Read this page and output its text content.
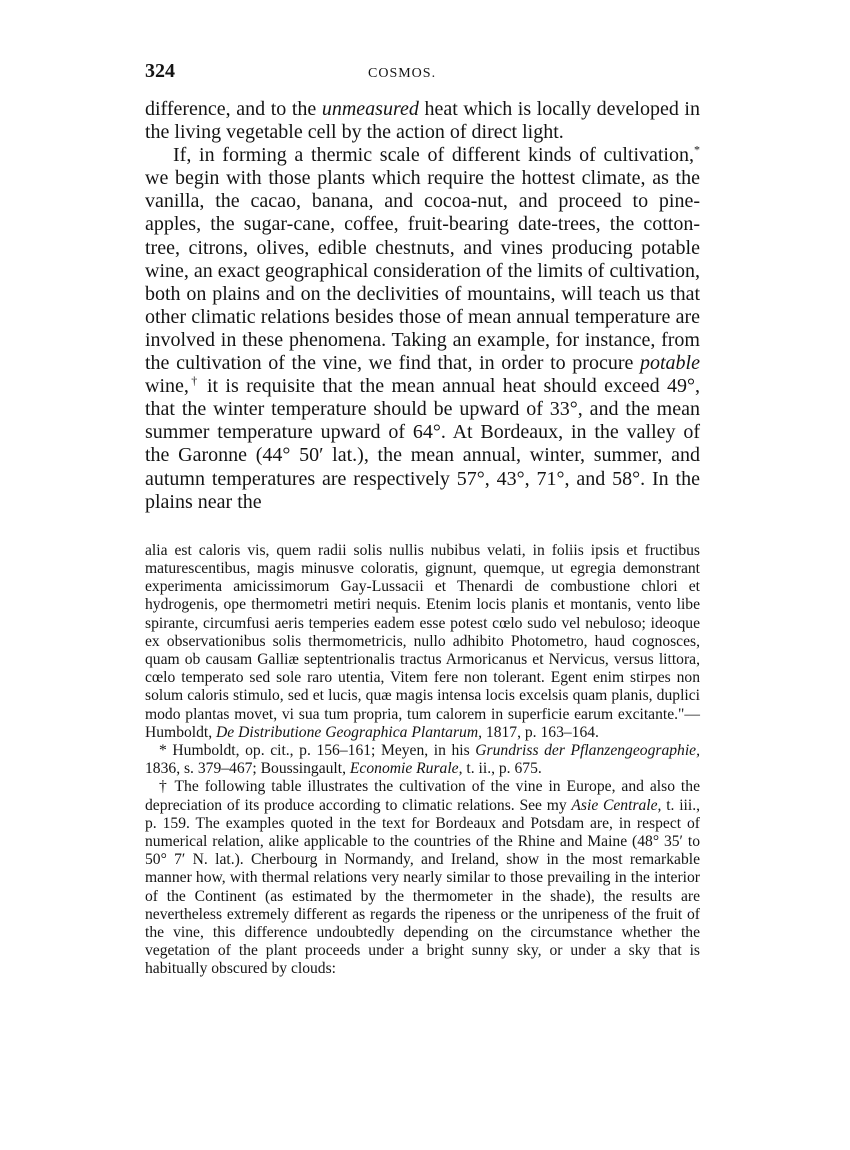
324	COSMOS.

difference, and to the unmeasured heat which is locally developed in the living vegetable cell by the action of direct light.

If, in forming a thermic scale of different kinds of cultivation,* we begin with those plants which require the hottest climate, as the vanilla, the cacao, banana, and cocoa-nut, and proceed to pine-apples, the sugar-cane, coffee, fruit-bearing date-trees, the cotton-tree, citrons, olives, edible chestnuts, and vines producing potable wine, an exact geographical consideration of the limits of cultivation, both on plains and on the declivities of mountains, will teach us that other climatic relations besides those of mean annual temperature are involved in these phenomena. Taking an example, for instance, from the cultivation of the vine, we find that, in order to procure potable wine,† it is requisite that the mean annual heat should exceed 49°, that the winter temperature should be upward of 33°, and the mean summer temperature upward of 64°. At Bordeaux, in the valley of the Garonne (44° 50′ lat.), the mean annual, winter, summer, and autumn temperatures are respectively 57°, 43°, 71°, and 58°. In the plains near the

alia est caloris vis, quem radii solis nullis nubibus velati, in foliis ipsis et fructibus maturescentibus, magis minusve coloratis, gignunt, quemque, ut egregia demonstrant experimenta amicissimorum Gay-Lussacii et Thenardi de combustione chlori et hydrogenis, ope thermometri metiri nequis. Etenim locis planis et montanis, vento libe spirante, circumfusi aeris temperies eadem esse potest cœlo sudo vel nebuloso; ideoque ex observationibus solis thermometricis, nullo adhibito Photometro, haud cognosces, quam ob causam Galliæ septentrionalis tractus Armoricanus et Nervicus, versus littora, cœlo temperato sed sole raro utentia, Vitem fere non tolerant. Egent enim stirpes non solum caloris stimulo, sed et lucis, quæ magis intensa locis excelsis quam planis, duplici modo plantas movet, vi sua tum propria, tum calorem in superficie earum excitante."—Humboldt, De Distributione Geographica Plantarum, 1817, p. 163–164.

* Humboldt, op. cit., p. 156–161; Meyen, in his Grundriss der Pflanzengeographie, 1836, s. 379–467; Boussingault, Economie Rurale, t. ii., p. 675.

† The following table illustrates the cultivation of the vine in Europe, and also the depreciation of its produce according to climatic relations. See my Asie Centrale, t. iii., p. 159. The examples quoted in the text for Bordeaux and Potsdam are, in respect of numerical relation, alike applicable to the countries of the Rhine and Maine (48° 35′ to 50° 7′ N. lat.). Cherbourg in Normandy, and Ireland, show in the most remarkable manner how, with thermal relations very nearly similar to those prevailing in the interior of the Continent (as estimated by the thermometer in the shade), the results are nevertheless extremely different as regards the ripeness or the unripeness of the fruit of the vine, this difference undoubtedly depending on the circumstance whether the vegetation of the plant proceeds under a bright sunny sky, or under a sky that is habitually obscured by clouds:
